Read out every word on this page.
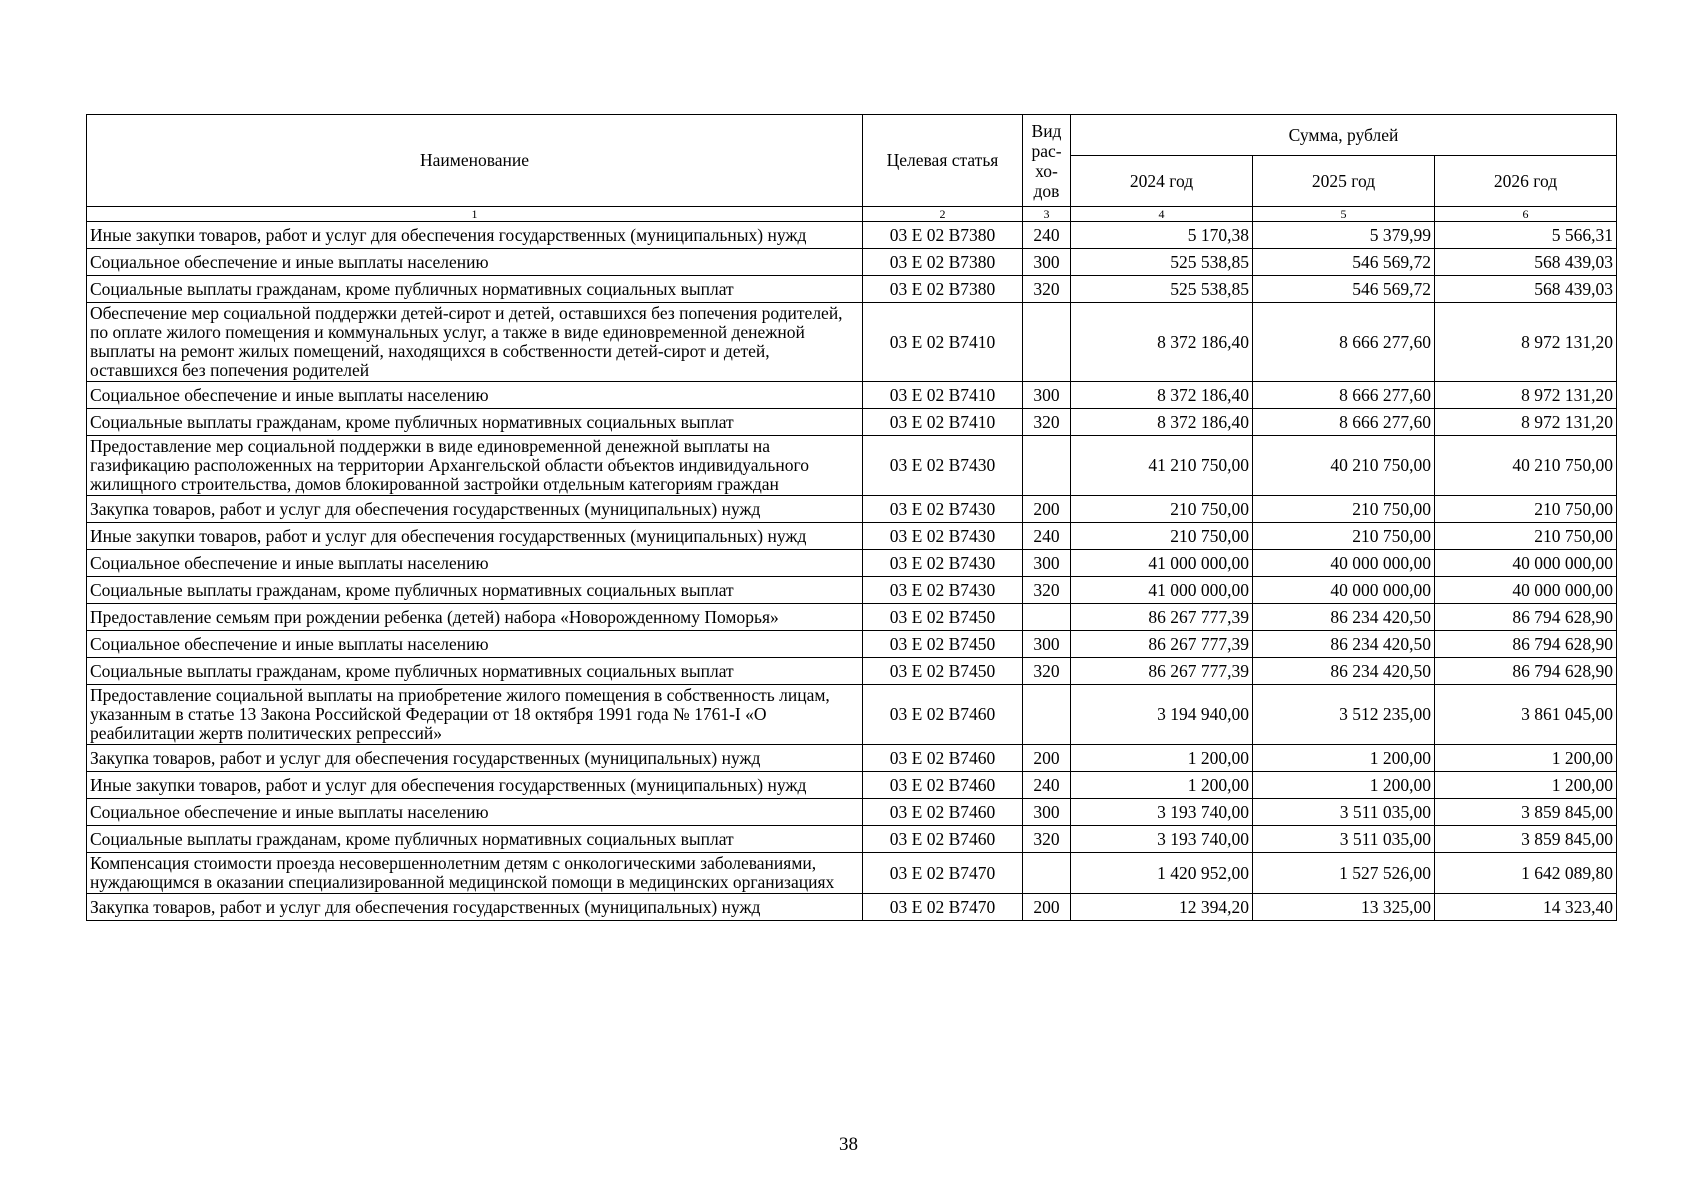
Наименование	Целевая статья	Вид рас-хо-дов	Сумма, рублей		
			2024 год	2025 год	2026 год
1	2	3	4	5	6
Иные закупки товаров, работ и услуг для обеспечения государственных (муниципальных) нужд	03 Е 02 В7380	240	5 170,38	5 379,99	5 566,31
Социальное обеспечение и иные выплаты населению	03 Е 02 В7380	300	525 538,85	546 569,72	568 439,03
Социальные выплаты гражданам, кроме публичных нормативных социальных выплат	03 Е 02 В7380	320	525 538,85	546 569,72	568 439,03
Обеспечение мер социальной поддержки детей-сирот и детей, оставшихся без попечения родителей, по оплате жилого помещения и коммунальных услуг, а также в виде единовременной денежной выплаты на ремонт жилых помещений, находящихся в собственности детей-сирот и детей, оставшихся без попечения родителей	03 Е 02 В7410		8 372 186,40	8 666 277,60	8 972 131,20
Социальное обеспечение и иные выплаты населению	03 Е 02 В7410	300	8 372 186,40	8 666 277,60	8 972 131,20
Социальные выплаты гражданам, кроме публичных нормативных социальных выплат	03 Е 02 В7410	320	8 372 186,40	8 666 277,60	8 972 131,20
Предоставление мер социальной поддержки в виде единовременной денежной выплаты на газификацию расположенных на территории Архангельской области объектов индивидуального жилищного строительства, домов блокированной застройки отдельным категориям граждан	03 Е 02 В7430		41 210 750,00	40 210 750,00	40 210 750,00
Закупка товаров, работ и услуг для обеспечения государственных (муниципальных) нужд	03 Е 02 В7430	200	210 750,00	210 750,00	210 750,00
Иные закупки товаров, работ и услуг для обеспечения государственных (муниципальных) нужд	03 Е 02 В7430	240	210 750,00	210 750,00	210 750,00
Социальное обеспечение и иные выплаты населению	03 Е 02 В7430	300	41 000 000,00	40 000 000,00	40 000 000,00
Социальные выплаты гражданам, кроме публичных нормативных социальных выплат	03 Е 02 В7430	320	41 000 000,00	40 000 000,00	40 000 000,00
Предоставление семьям при рождении ребенка (детей) набора «Новорожденному Поморья»	03 Е 02 В7450		86 267 777,39	86 234 420,50	86 794 628,90
Социальное обеспечение и иные выплаты населению	03 Е 02 В7450	300	86 267 777,39	86 234 420,50	86 794 628,90
Социальные выплаты гражданам, кроме публичных нормативных социальных выплат	03 Е 02 В7450	320	86 267 777,39	86 234 420,50	86 794 628,90
Предоставление социальной выплаты на приобретение жилого помещения в собственность лицам, указанным в статье 13 Закона Российской Федерации от 18 октября 1991 года № 1761-I «О реабилитации жертв политических репрессий»	03 Е 02 В7460		3 194 940,00	3 512 235,00	3 861 045,00
Закупка товаров, работ и услуг для обеспечения государственных (муниципальных) нужд	03 Е 02 В7460	200	1 200,00	1 200,00	1 200,00
Иные закупки товаров, работ и услуг для обеспечения государственных (муниципальных) нужд	03 Е 02 В7460	240	1 200,00	1 200,00	1 200,00
Социальное обеспечение и иные выплаты населению	03 Е 02 В7460	300	3 193 740,00	3 511 035,00	3 859 845,00
Социальные выплаты гражданам, кроме публичных нормативных социальных выплат	03 Е 02 В7460	320	3 193 740,00	3 511 035,00	3 859 845,00
Компенсация стоимости проезда несовершеннолетним детям с онкологическими заболеваниями, нуждающимся в оказании специализированной медицинской помощи в медицинских организациях	03 Е 02 В7470		1 420 952,00	1 527 526,00	1 642 089,80
Закупка товаров, работ и услуг для обеспечения государственных (муниципальных) нужд	03 Е 02 В7470	200	12 394,20	13 325,00	14 323,40
38
